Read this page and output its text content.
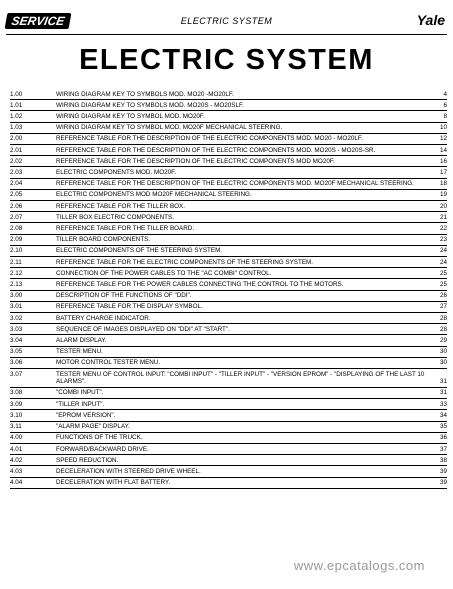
SERVICE	ELECTRIC SYSTEM	Yale
ELECTRIC SYSTEM
1.00	WIRING DIAGRAM KEY TO SYMBOLS MOD. MO20 -MO20LF.	4
1.01	WIRING DIAGRAM KEY TO SYMBOLS MOD. MO20S - MO20SLF.	6
1.02	WIRING DIAGRAM KEY TO SYMBOL MOD. MO20F.	8
1.03	WIRING DIAGRAM KEY TO SYMBOL MOD. MO20F MECHANICAL STEERING.	10
2.00	REFERENCE TABLE FOR THE DESCRIPTION OF THE ELECTRIC COMPONENTS MOD. MO20 - MO20LF.	12
2.01	REFERENCE TABLE FOR THE DESCRIPTION OF THE ELECTRIC COMPONENTS MOD. MO20S - MO20S-SR.	14
2.02	REFERENCE TABLE FOR THE DESCRIPTION OF THE ELECTRIC COMPONENTS MOD MO20F.	16
2.03	ELECTRIC COMPONENTS MOD. MO20F.	17
2.04	REFERENCE TABLE FOR THE DESCRIPTION OF THE ELECTRIC COMPONENTS MOD. MO20F MECHANICAL STEERING.	18
2.05	ELECTRIC COMPONENTS MOD MO20F MECHANICAL STEERING.	19
2.06	REFERENCE TABLE FOR THE TILLER BOX.	20
2.07	TILLER BOX ELECTRIC COMPONENTS.	21
2.08	REFERENCE TABLE FOR THE TILLER BOARD.	22
2.09	TILLER BOARD COMPONENTS.	23
2.10	ELECTRIC COMPONENTS OF THE STEERING SYSTEM.	24
2.11	REFERENCE TABLE FOR THE ELECTRIC COMPONENTS OF THE STEERING SYSTEM.	24
2.12	CONNECTION OF THE POWER CABLES TO THE "AC COMBI" CONTROL.	25
2.13	REFERENCE TABLE FOR THE POWER CABLES CONNECTING THE CONTROL TO THE MOTORS.	25
3.00	DESCRIPTION OF THE FUNCTIONS OF "DDI".	26
3.01	REFERENCE TABLE FOR THE DISPLAY SYMBOL.	27
3.02	BATTERY CHARGE INDICATOR.	28
3.03	SEQUENCE OF IMAGES DISPLAYED ON "DDI" AT "START".	28
3.04	ALARM DISPLAY.	29
3.05	TESTER MENU.	30
3.06	MOTOR CONTROL TESTER MENU.	30
3.07	TESTER MENU OF CONTROL INPUT: "COMBI INPUT" - "TILLER INPUT" - "VERSION EPROM" - "DISPLAYING OF THE LAST 10 ALARMS".	31
3.08	"COMBI INPUT".	31
3.09	"TILLER INPUT".	33
3.10	"EPROM VERSION".	34
3.11	"ALARM PAGE" DISPLAY.	35
4.00	FUNCTIONS OF THE TRUCK.	36
4.01	FORWARD/BACKWARD DRIVE.	37
4.02	SPEED REDUCTION.	38
4.03	DECELERATION WITH STEERED DRIVE WHEEL.	39
4.04	DECELERATION WITH FLAT BATTERY.	39
www.epcatalogs.com
